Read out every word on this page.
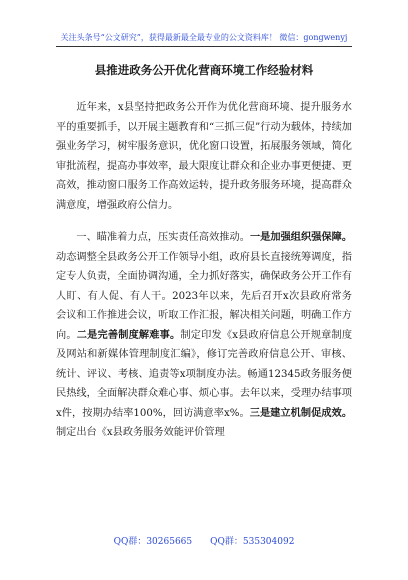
关注头条号“公文研究”，获得最新最全最专业的公文资料库！ 微信：gongwenyj
县推进政务公开优化营商环境工作经验材料

近年来，x县坚持把政务公开作为优化营商环境、提升服务水平的重要抓手，以开展主题教育和“三抓三促”行动为载体，持续加强业务学习，树牢服务意识，优化窗口设置，拓展服务领域，简化审批流程，提高办事效率，最大限度让群众和企业办事更便捷、更高效，推动窗口服务工作高效运转，提升政务服务环境，提高群众满意度，增强政府公信力。

一、瞄准着力点，压实责任高效推动。一是加强组织强保障。动态调整全县政务公开工作领导小组，政府县长直接统筹调度，指定专人负责，全面协调沟通，全力抓好落实，确保政务公开工作有人盯、有人促、有人干。2023年以来，先后召开x次县政府常务会议和工作推进会议，听取工作汇报，解决相关问题，明确工作方向。二是完善制度解难事。制定印发《x县政府信息公开规章制度及网站和新媒体管理制度汇编》，修订完善政府信息公开、审核、统计、评议、考核、追责等x项制度办法。畅通12345政务服务便民热线，全面解决群众难心事、烦心事。去年以来，受理办结事项x件，按期办结率100%，回访满意率x%。三是建立机制促成效。制定出台《x县政务服务效能评价管理

QQ群：30265665 QQ群：535304092
